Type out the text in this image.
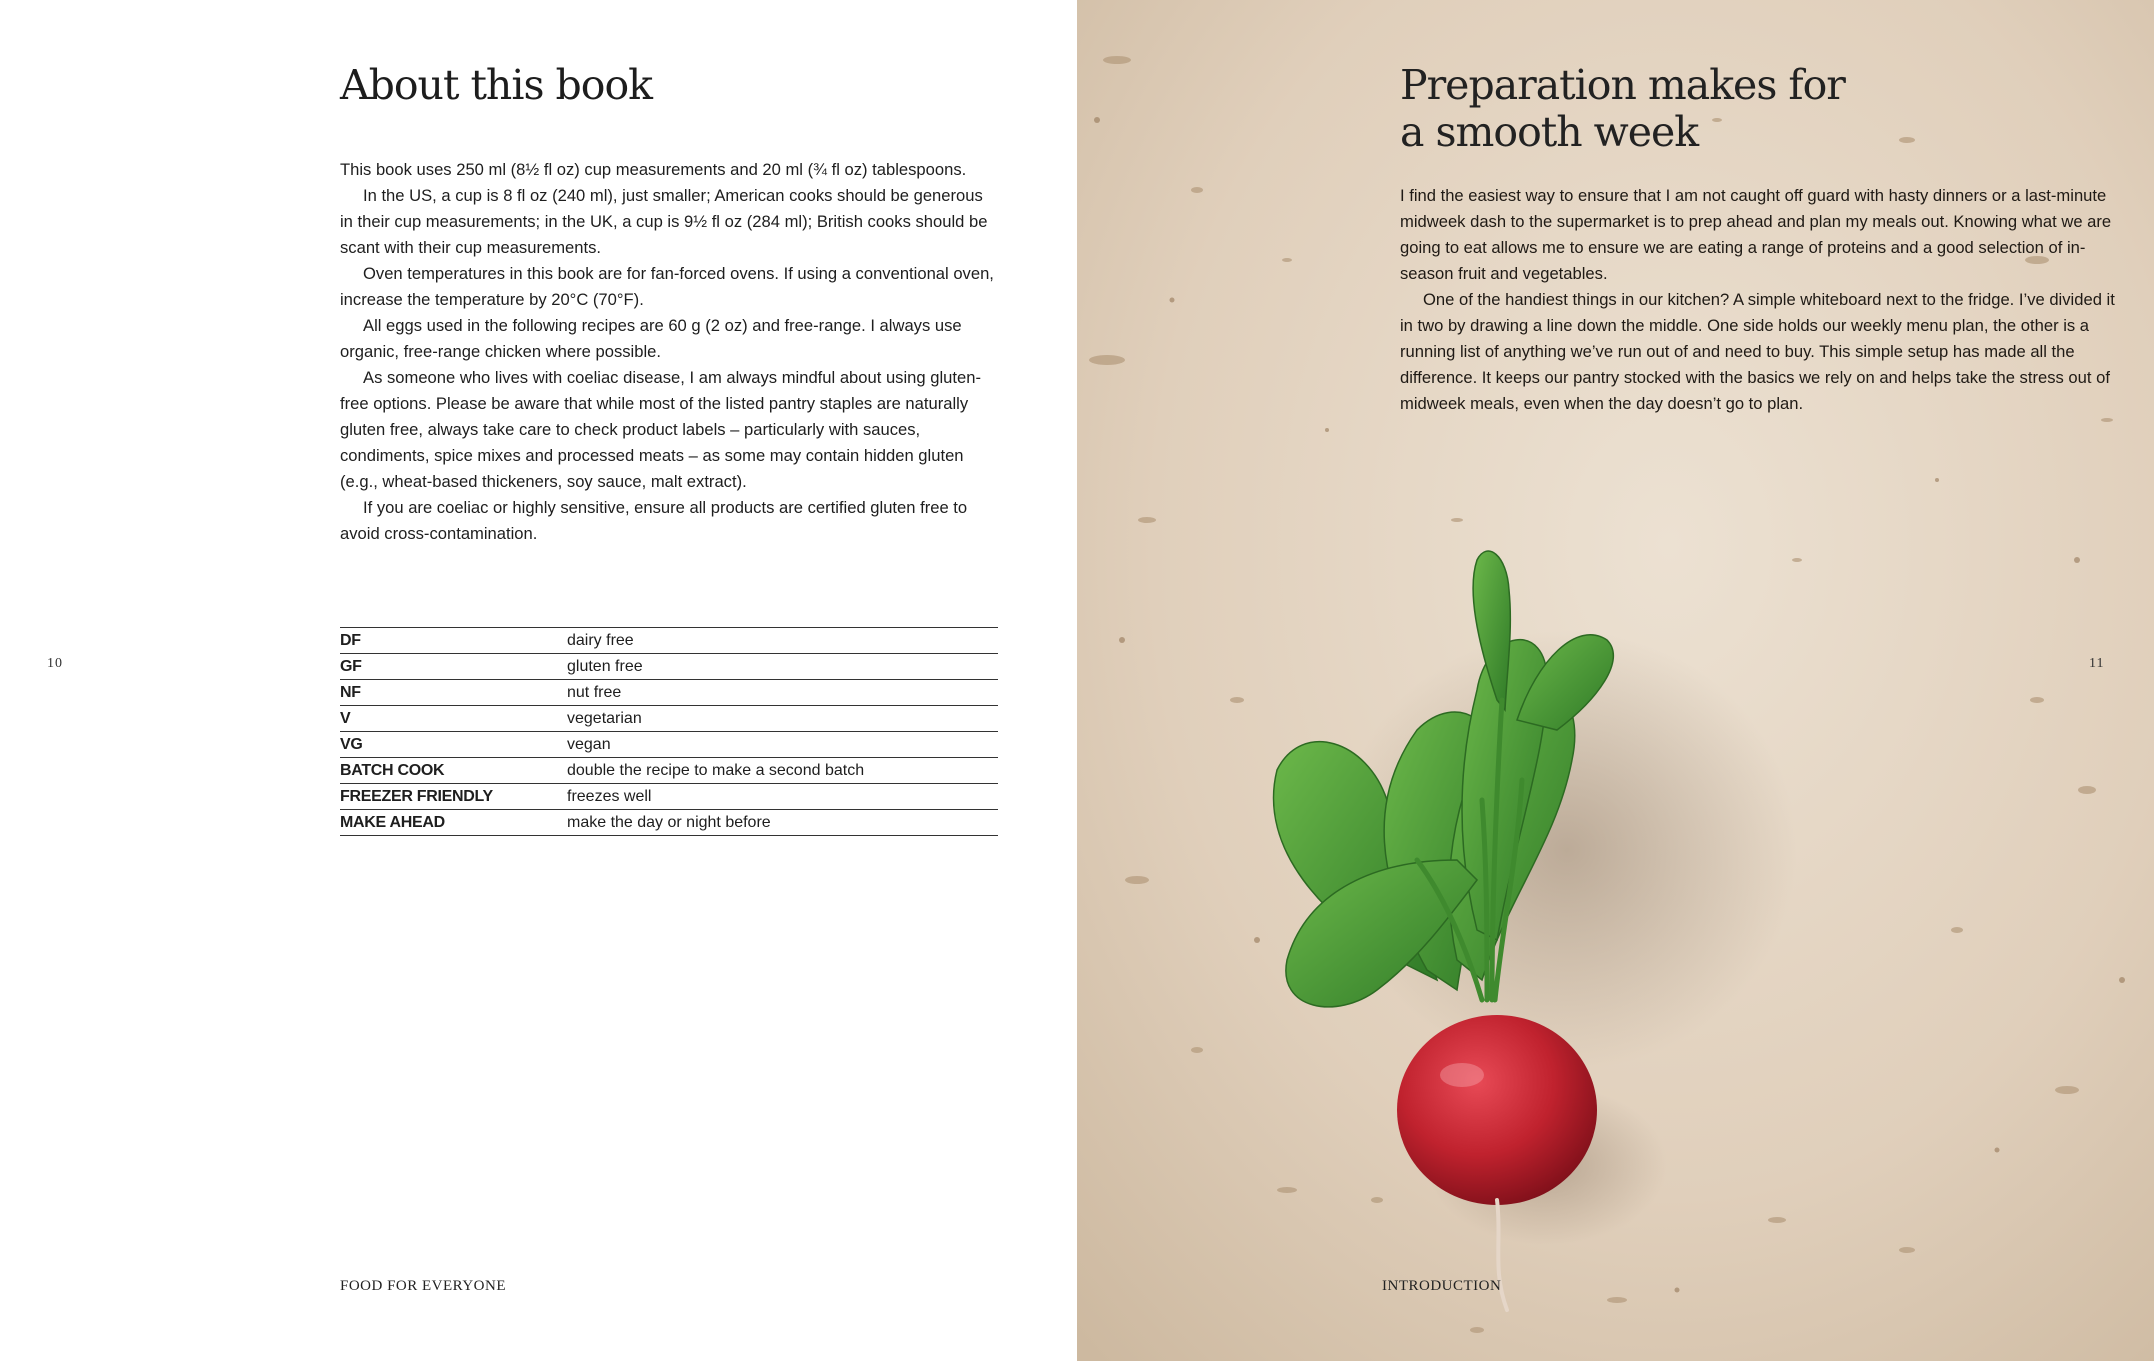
About this book

This book uses 250 ml (8½ fl oz) cup measurements and 20 ml (¾ fl oz) tablespoons.

In the US, a cup is 8 fl oz (240 ml), just smaller; American cooks should be generous in their cup measurements; in the UK, a cup is 9½ fl oz (284 ml); British cooks should be scant with their cup measurements.

Oven temperatures in this book are for fan-forced ovens. If using a conventional oven, increase the temperature by 20°C (70°F).

All eggs used in the following recipes are 60 g (2 oz) and free-range. I always use organic, free-range chicken where possible.

As someone who lives with coeliac disease, I am always mindful about using gluten-free options. Please be aware that while most of the listed pantry staples are naturally gluten free, always take care to check product labels – particularly with sauces, condiments, spice mixes and processed meats – as some may contain hidden gluten (e.g., wheat-based thickeners, soy sauce, malt extract).

If you are coeliac or highly sensitive, ensure all products are certified gluten free to avoid cross-contamination.

DF	dairy free
GF	gluten free
NF	nut free
V	vegetarian
VG	vegan
BATCH COOK	double the recipe to make a second batch
FREEZER FRIENDLY	freezes well
MAKE AHEAD	make the day or night before
10
FOOD FOR EVERYONE
Preparation makes for
a smooth week

I find the easiest way to ensure that I am not caught off guard with hasty dinners or a last-minute midweek dash to the supermarket is to prep ahead and plan my meals out. Knowing what we are going to eat allows me to ensure we are eating a range of proteins and a good selection of in-season fruit and vegetables.

One of the handiest things in our kitchen? A simple whiteboard next to the fridge. I’ve divided it in two by drawing a line down the middle. One side holds our weekly menu plan, the other is a running list of anything we’ve run out of and need to buy. This simple setup has made all the difference. It keeps our pantry stocked with the basics we rely on and helps take the stress out of midweek meals, even when the day doesn’t go to plan.

11
INTRODUCTION
